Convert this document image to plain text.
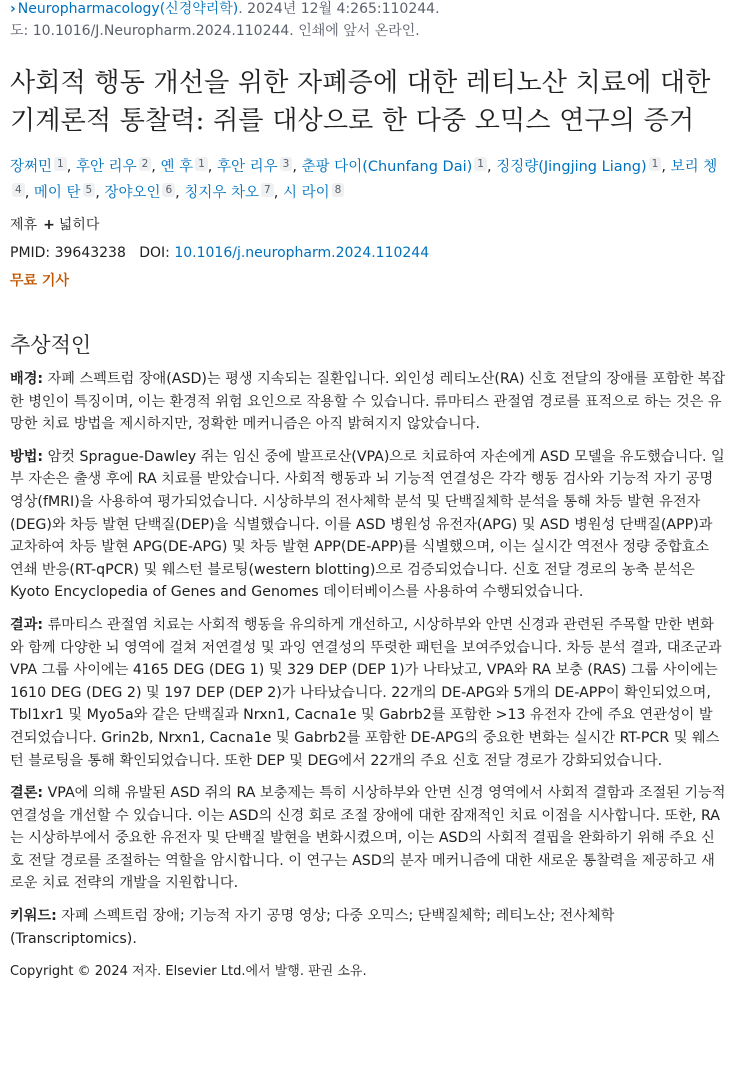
› Neuropharmacology(신경약리학). 2024년 12월 4:265:110244.
도: 10.1016/J.Neuropharm.2024.110244. 인쇄에 앞서 온라인.
사회적 행동 개선을 위한 자폐증에 대한 레티노산 치료에 대한 기계론적 통찰력: 쥐를 대상으로 한 다중 오믹스 연구의 증거
장쩌민 1 , 후안 리우 2 , 옌 후 1 , 후안 리우 3 , 춘팡 다이(Chunfang Dai) 1 , 징징량(Jingjing Liang) 1 , 보리 쳉4 , 메이 탄 5 , 장야오인 6 , 칭지우 차오 7 , 시 라이 8
제휴 + 넓히다
PMID: 39643238 DOI: 10.1016/j.neuropharm.2024.110244
무료 기사
추상적인

배경: 자폐 스펙트럼 장애(ASD)는 평생 지속되는 질환입니다. 외인성 레티노산(RA) 신호 전달의 장애를 포함한 복잡한 병인이 특징이며, 이는 환경적 위험 요인으로 작용할 수 있습니다. 류마티스 관절염 경로를 표적으로 하는 것은 유망한 치료 방법을 제시하지만, 정확한 메커니즘은 아직 밝혀지지 않았습니다.

방법: 암컷 Sprague-Dawley 쥐는 임신 중에 발프로산(VPA)으로 치료하여 자손에게 ASD 모델을 유도했습니다. 일부 자손은 출생 후에 RA 치료를 받았습니다. 사회적 행동과 뇌 기능적 연결성은 각각 행동 검사와 기능적 자기 공명 영상(fMRI)을 사용하여 평가되었습니다. 시상하부의 전사체학 분석 및 단백질체학 분석을 통해 차등 발현 유전자(DEG)와 차등 발현 단백질(DEP)을 식별했습니다. 이를 ASD 병원성 유전자(APG) 및 ASD 병원성 단백질(APP)과 교차하여 차등 발현 APG(DE-APG) 및 차등 발현 APP(DE-APP)를 식별했으며, 이는 실시간 역전사 정량 중합효소 연쇄 반응(RT-qPCR) 및 웨스턴 블로팅(western blotting)으로 검증되었습니다. 신호 전달 경로의 농축 분석은 Kyoto Encyclopedia of Genes and Genomes 데이터베이스를 사용하여 수행되었습니다.

결과: 류마티스 관절염 치료는 사회적 행동을 유의하게 개선하고, 시상하부와 안면 신경과 관련된 주목할 만한 변화와 함께 다양한 뇌 영역에 걸쳐 저연결성 및 과잉 연결성의 뚜렷한 패턴을 보여주었습니다. 차등 분석 결과, 대조군과 VPA 그룹 사이에는 4165 DEG (DEG 1) 및 329 DEP (DEP 1)가 나타났고, VPA와 RA 보충 (RAS) 그룹 사이에는 1610 DEG (DEG 2) 및 197 DEP (DEP 2)가 나타났습니다. 22개의 DE-APG와 5개의 DE-APP이 확인되었으며, Tbl1xr1 및 Myo5a와 같은 단백질과 Nrxn1, Cacna1e 및 Gabrb2를 포함한 >13 유전자 간에 주요 연관성이 발견되었습니다. Grin2b, Nrxn1, Cacna1e 및 Gabrb2를 포함한 DE-APG의 중요한 변화는 실시간 RT-PCR 및 웨스턴 블로팅을 통해 확인되었습니다. 또한 DEP 및 DEG에서 22개의 주요 신호 전달 경로가 강화되었습니다.

결론: VPA에 의해 유발된 ASD 쥐의 RA 보충제는 특히 시상하부와 안면 신경 영역에서 사회적 결함과 조절된 기능적 연결성을 개선할 수 있습니다. 이는 ASD의 신경 회로 조절 장애에 대한 잠재적인 치료 이점을 시사합니다. 또한, RA는 시상하부에서 중요한 유전자 및 단백질 발현을 변화시켰으며, 이는 ASD의 사회적 결핍을 완화하기 위해 주요 신호 전달 경로를 조절하는 역할을 암시합니다. 이 연구는 ASD의 분자 메커니즘에 대한 새로운 통찰력을 제공하고 새로운 치료 전략의 개발을 지원합니다.

키워드: 자폐 스펙트럼 장애; 기능적 자기 공명 영상; 다중 오믹스; 단백질체학; 레티노산; 전사체학 (Transcriptomics).

Copyright © 2024 저자. Elsevier Ltd.에서 발행. 판권 소유.
